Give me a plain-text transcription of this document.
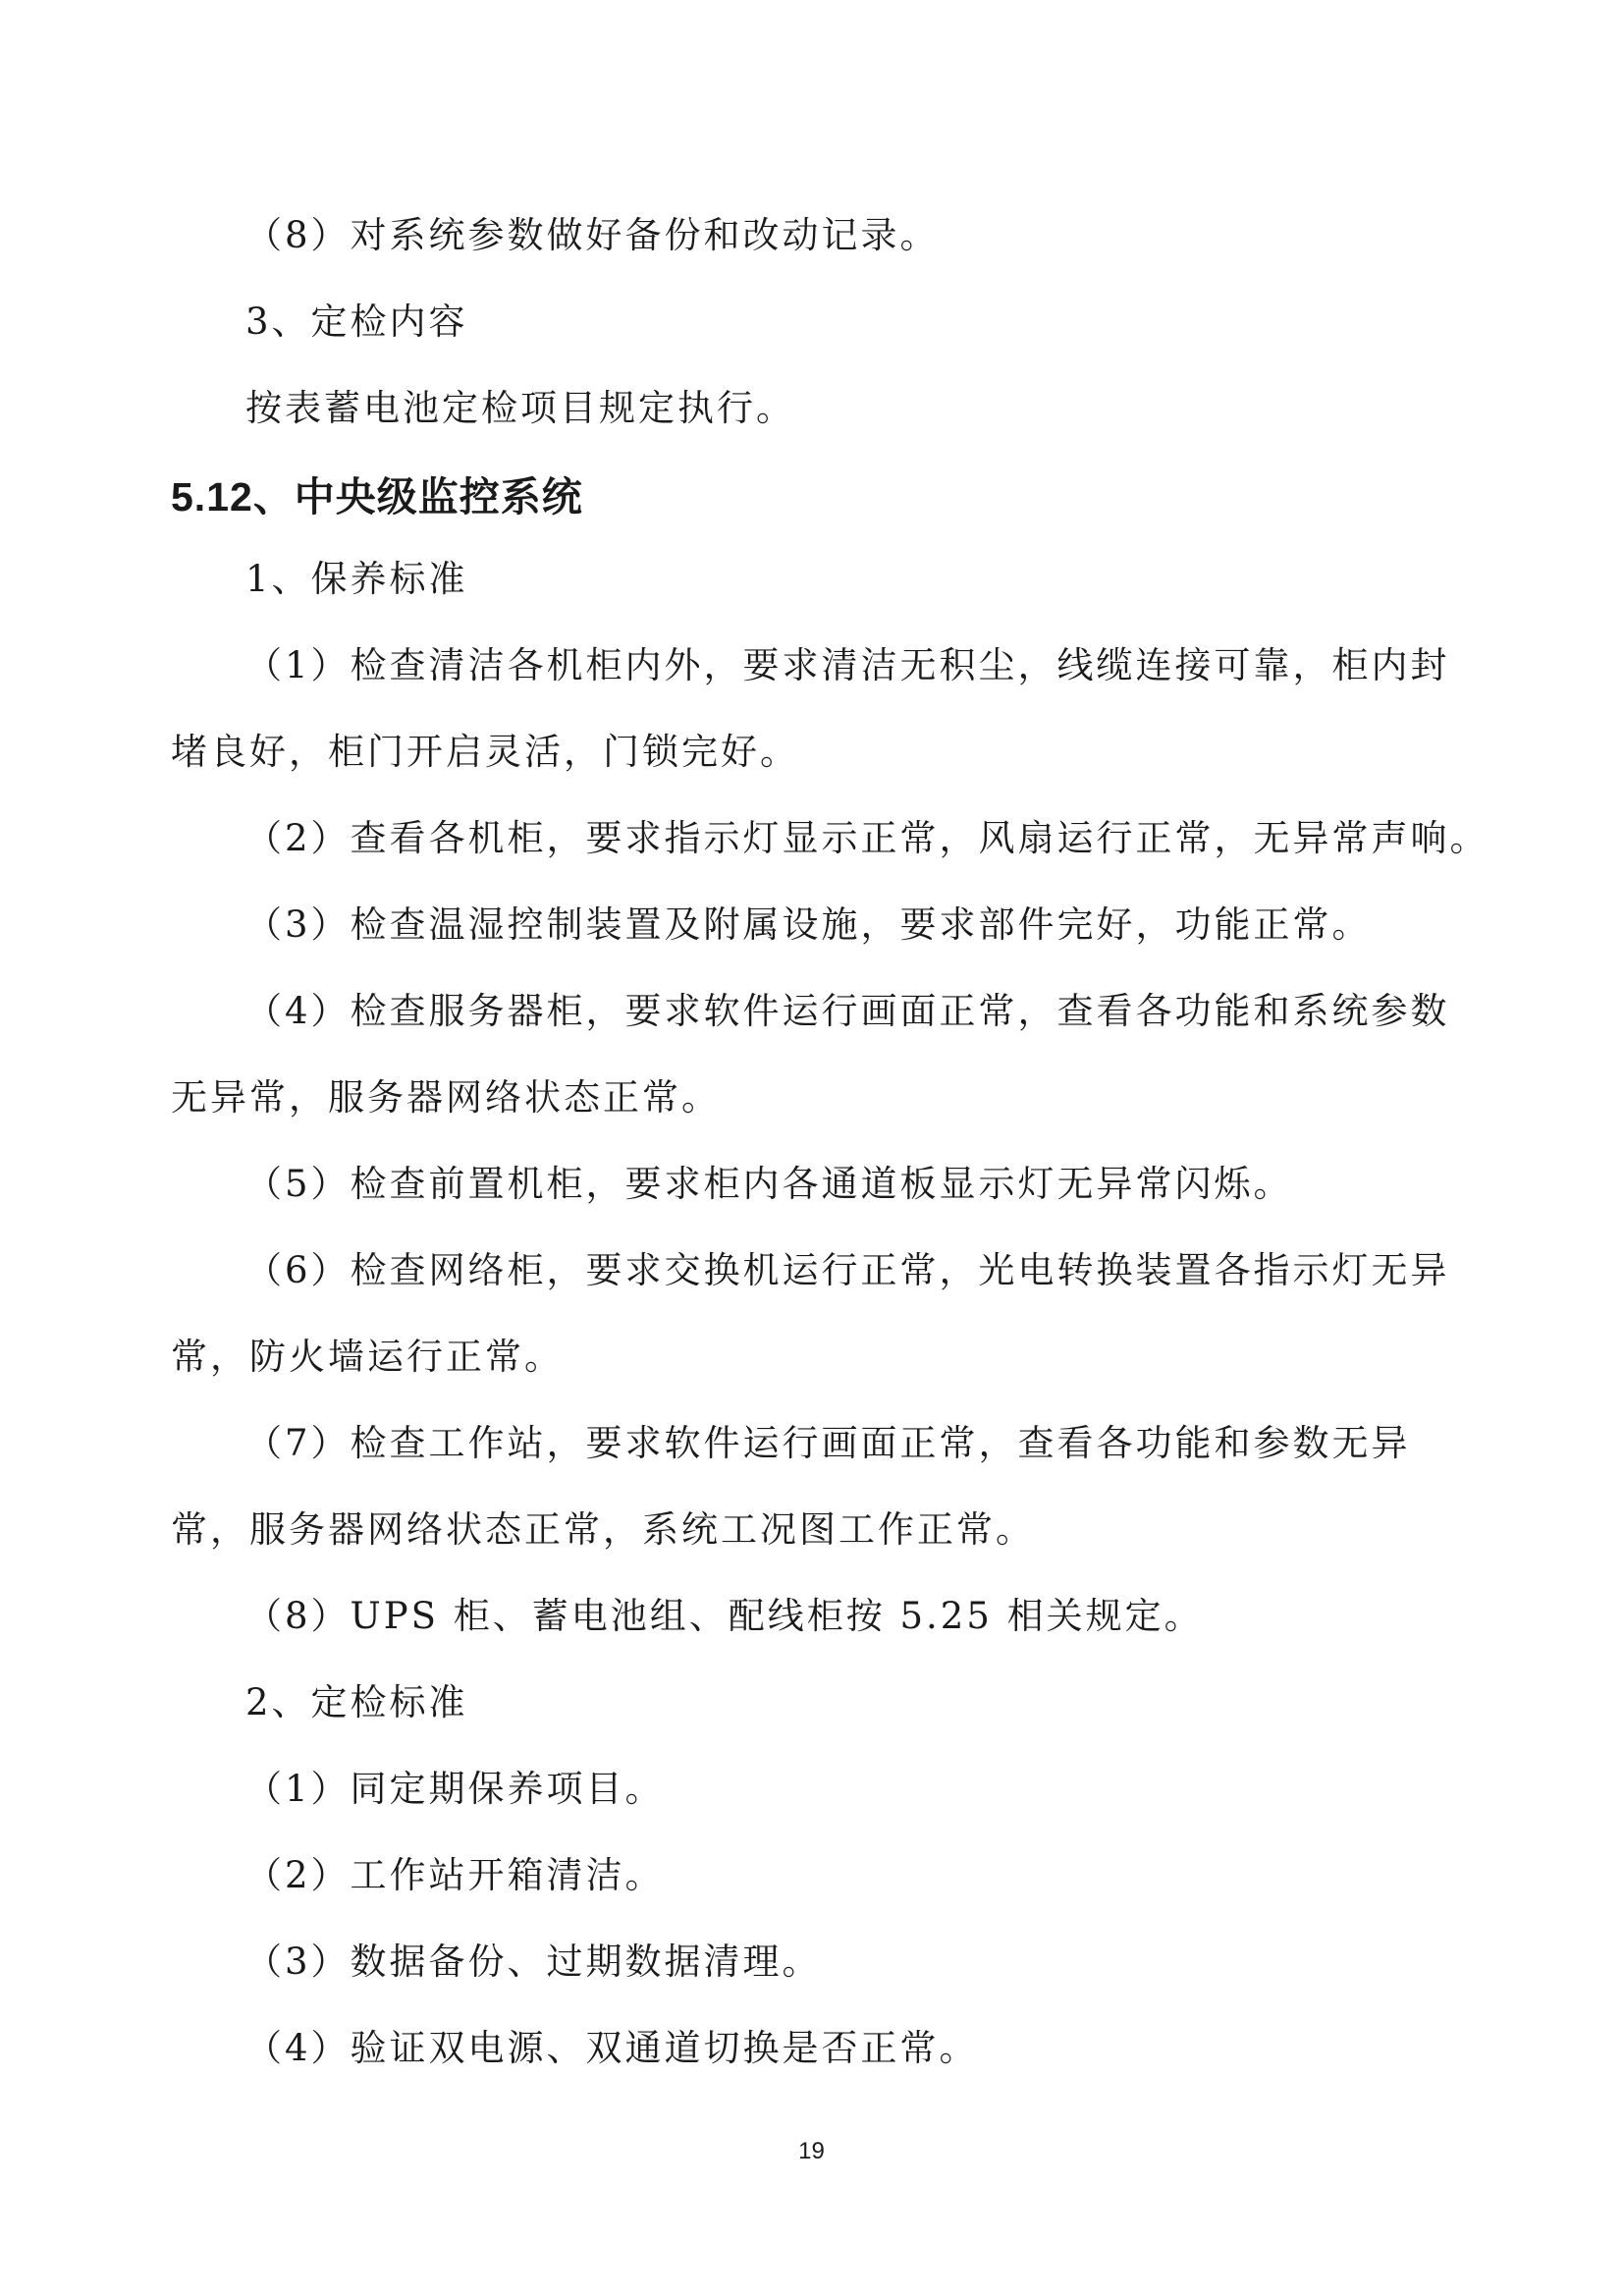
（8）对系统参数做好备份和改动记录。

3、定检内容

按表蓄电池定检项目规定执行。

5.12、中央级监控系统

1、保养标准

（1）检查清洁各机柜内外，要求清洁无积尘，线缆连接可靠，柜内封堵良好，柜门开启灵活，门锁完好。

（2）查看各机柜，要求指示灯显示正常，风扇运行正常，无异常声响。

（3）检查温湿控制装置及附属设施，要求部件完好，功能正常。

（4）检查服务器柜，要求软件运行画面正常，查看各功能和系统参数无异常，服务器网络状态正常。

（5）检查前置机柜，要求柜内各通道板显示灯无异常闪烁。

（6）检查网络柜，要求交换机运行正常，光电转换装置各指示灯无异常，防火墙运行正常。

（7）检查工作站，要求软件运行画面正常，查看各功能和参数无异常，服务器网络状态正常，系统工况图工作正常。

（8）UPS 柜、蓄电池组、配线柜按 5.25 相关规定。

2、定检标准

（1）同定期保养项目。

（2）工作站开箱清洁。

（3）数据备份、过期数据清理。

（4）验证双电源、双通道切换是否正常。

19
